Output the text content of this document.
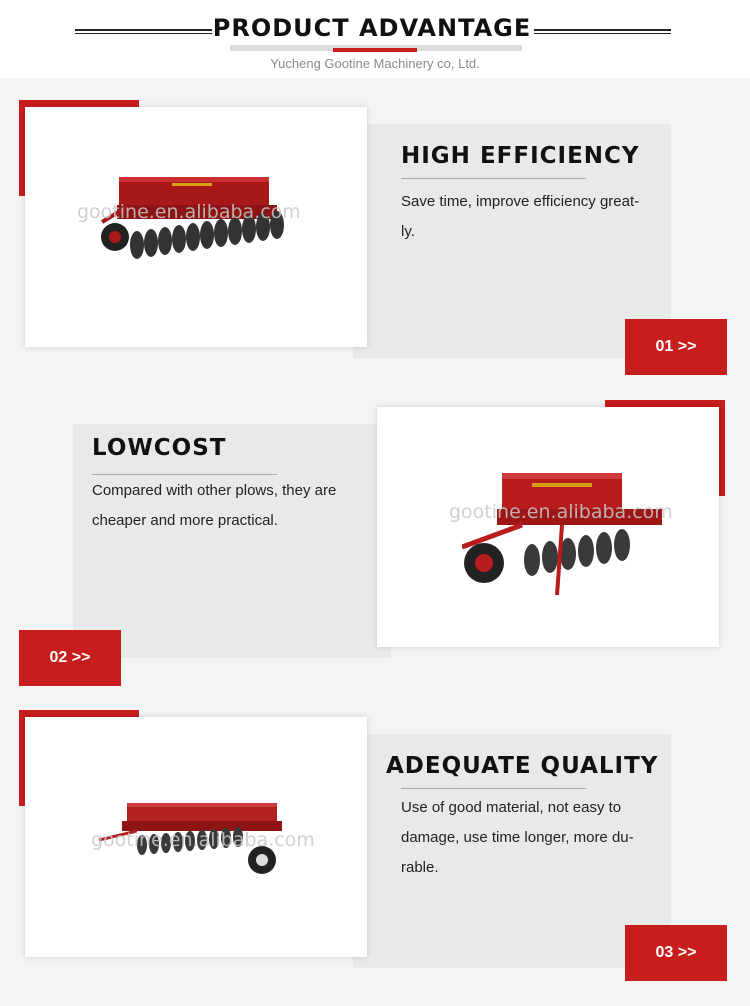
PRODUCT ADVANTAGE
Yucheng Gootine Machinery co, Ltd.
gootine.en.alibaba.com
HIGH EFFICIENCY
Save time, improve efficiency great-
ly.
01 >>
gootine.en.alibaba.com
LOWCOST
Compared with other plows, they are
cheaper and more practical.
02 >>
gootine.en.alibaba.com
ADEQUATE QUALITY
Use of good material, not easy to
damage, use time longer, more du-
rable.
03 >>
